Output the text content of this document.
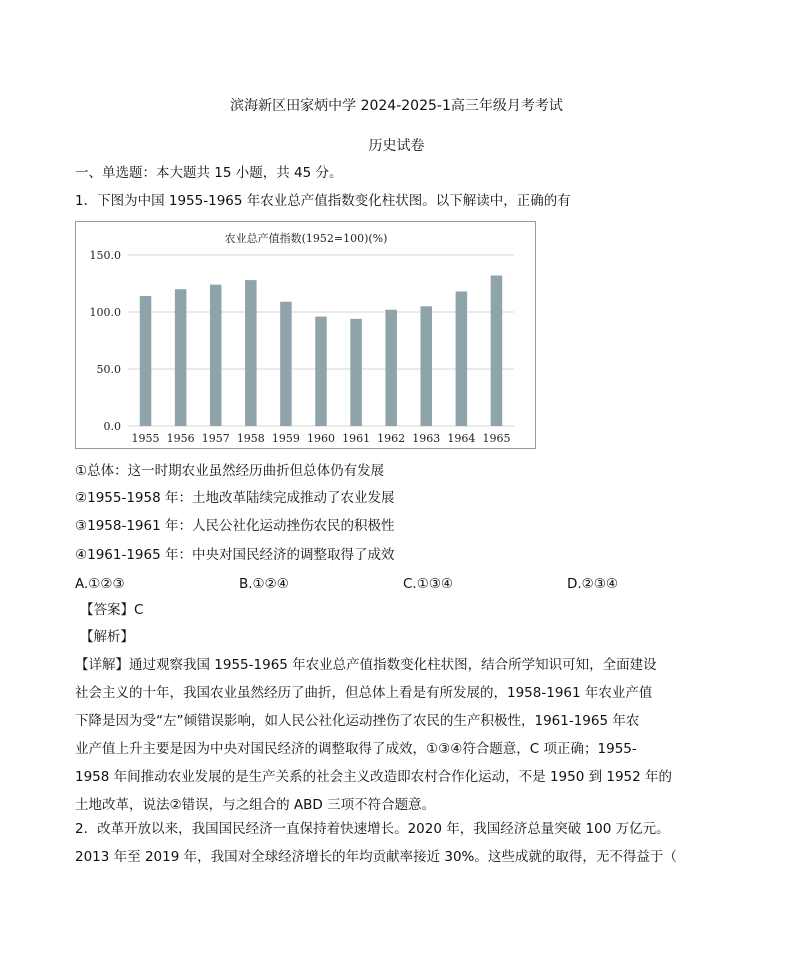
滨海新区田家炳中学 2024-2025-1高三年级月考考试
历史试卷
一、单选题：本大题共 15 小题，共 45 分。
1．下图为中国 1955-1965 年农业总产值指数变化柱状图。以下解读中，正确的有
农业总产值指数(1952=100)(%)
0.0
50.0
100.0
150.0
1955 1956 1957 1958 1959 1960 1961 1962 1963 1964 1965
①总体：这一时期农业虽然经历曲折但总体仍有发展
②1955-1958 年：土地改革陆续完成推动了农业发展
③1958-1961 年：人民公社化运动挫伤农民的积极性
④1961-1965 年：中央对国民经济的调整取得了成效
A.①②③	B.①②④	C.①③④	D.②③④
【答案】C
【解析】
【详解】通过观察我国 1955-1965 年农业总产值指数变化柱状图，结合所学知识可知，全面建设
社会主义的十年，我国农业虽然经历了曲折，但总体上看是有所发展的，1958-1961 年农业产值
下降是因为受“左”倾错误影响，如人民公社化运动挫伤了农民的生产积极性，1961-1965 年农
业产值上升主要是因为中央对国民经济的调整取得了成效，①③④符合题意，C 项正确；1955-
1958 年间推动农业发展的是生产关系的社会主义改造即农村合作化运动，不是 1950 到 1952 年的
土地改革，说法②错误，与之组合的 ABD 三项不符合题意。
2．改革开放以来，我国国民经济一直保持着快速增长。2020 年，我国经济总量突破 100 万亿元。
2013 年至 2019 年，我国对全球经济增长的年均贡献率接近 30%。这些成就的取得，无不得益于（
